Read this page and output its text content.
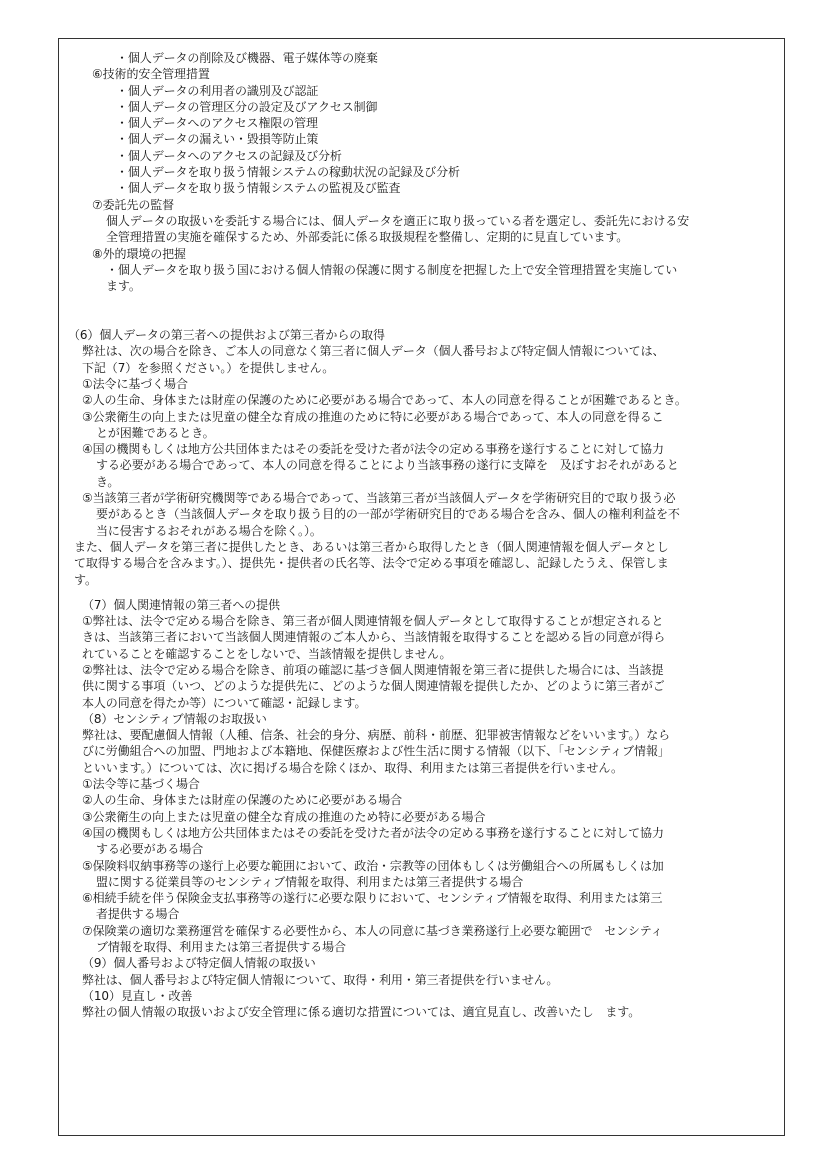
・個人データの削除及び機器、電子媒体等の廃棄
⑥技術的安全管理措置
・個人データの利用者の識別及び認証
・個人データの管理区分の設定及びアクセス制御
・個人データへのアクセス権限の管理
・個人データの漏えい・毀損等防止策
・個人データへのアクセスの記録及び分析
・個人データを取り扱う情報システムの稼動状況の記録及び分析
・個人データを取り扱う情報システムの監視及び監査
⑦委託先の監督
個人データの取扱いを委託する場合には、個人データを適正に取り扱っている者を選定し、委託先における安
全管理措置の実施を確保するため、外部委託に係る取扱規程を整備し、定期的に見直しています。
⑧外的環境の把握
・個人データを取り扱う国における個人情報の保護に関する制度を把握した上で安全管理措置を実施してい
ます。
（6）個人データの第三者への提供および第三者からの取得
弊社は、次の場合を除き、ご本人の同意なく第三者に個人データ（個人番号および特定個人情報については、
下記（7）を参照ください。）を提供しません。
①法令に基づく場合
②人の生命、身体または財産の保護のために必要がある場合であって、本人の同意を得ることが困難であるとき。
③公衆衛生の向上または児童の健全な育成の推進のために特に必要がある場合であって、本人の同意を得るこ
とが困難であるとき。
④国の機関もしくは地方公共団体またはその委託を受けた者が法令の定める事務を遂行することに対して協力
する必要がある場合であって、本人の同意を得ることにより当該事務の遂行に支障を　及ぼすおそれがあると
き。
⑤当該第三者が学術研究機関等である場合であって、当該第三者が当該個人データを学術研究目的で取り扱う必
要があるとき（当該個人データを取り扱う目的の一部が学術研究目的である場合を含み、個人の権利利益を不
当に侵害するおそれがある場合を除く。）。
また、個人データを第三者に提供したとき、あるいは第三者から取得したとき（個人関連情報を個人データとし
て取得する場合を含みます。）、提供先・提供者の氏名等、法令で定める事項を確認し、記録したうえ、保管しま
す。
（7）個人関連情報の第三者への提供
①弊社は、法令で定める場合を除き、第三者が個人関連情報を個人データとして取得することが想定されると
きは、当該第三者において当該個人関連情報のご本人から、当該情報を取得することを認める旨の同意が得ら
れていることを確認することをしないで、当該情報を提供しません。
②弊社は、法令で定める場合を除き、前項の確認に基づき個人関連情報を第三者に提供した場合には、当該提
供に関する事項（いつ、どのような提供先に、どのような個人関連情報を提供したか、どのように第三者がご
本人の同意を得たか等）について確認・記録します。
（8）センシティブ情報のお取扱い
弊社は、要配慮個人情報（人種、信条、社会的身分、病歴、前科・前歴、犯罪被害情報などをいいます。）なら
びに労働組合への加盟、門地および本籍地、保健医療および性生活に関する情報（以下、「センシティブ情報」
といいます。）については、次に掲げる場合を除くほか、取得、利用または第三者提供を行いません。
①法令等に基づく場合
②人の生命、身体または財産の保護のために必要がある場合
③公衆衛生の向上または児童の健全な育成の推進のため特に必要がある場合
④国の機関もしくは地方公共団体またはその委託を受けた者が法令の定める事務を遂行することに対して協力
する必要がある場合
⑤保険料収納事務等の遂行上必要な範囲において、政治・宗教等の団体もしくは労働組合への所属もしくは加
盟に関する従業員等のセンシティブ情報を取得、利用または第三者提供する場合
⑥相続手続を伴う保険金支払事務等の遂行に必要な限りにおいて、センシティブ情報を取得、利用または第三
者提供する場合
⑦保険業の適切な業務運営を確保する必要性から、本人の同意に基づき業務遂行上必要な範囲で　センシティ
ブ情報を取得、利用または第三者提供する場合
（9）個人番号および特定個人情報の取扱い
弊社は、個人番号および特定個人情報について、取得・利用・第三者提供を行いません。
（10）見直し・改善
弊社の個人情報の取扱いおよび安全管理に係る適切な措置については、適宜見直し、改善いたし　ます。
